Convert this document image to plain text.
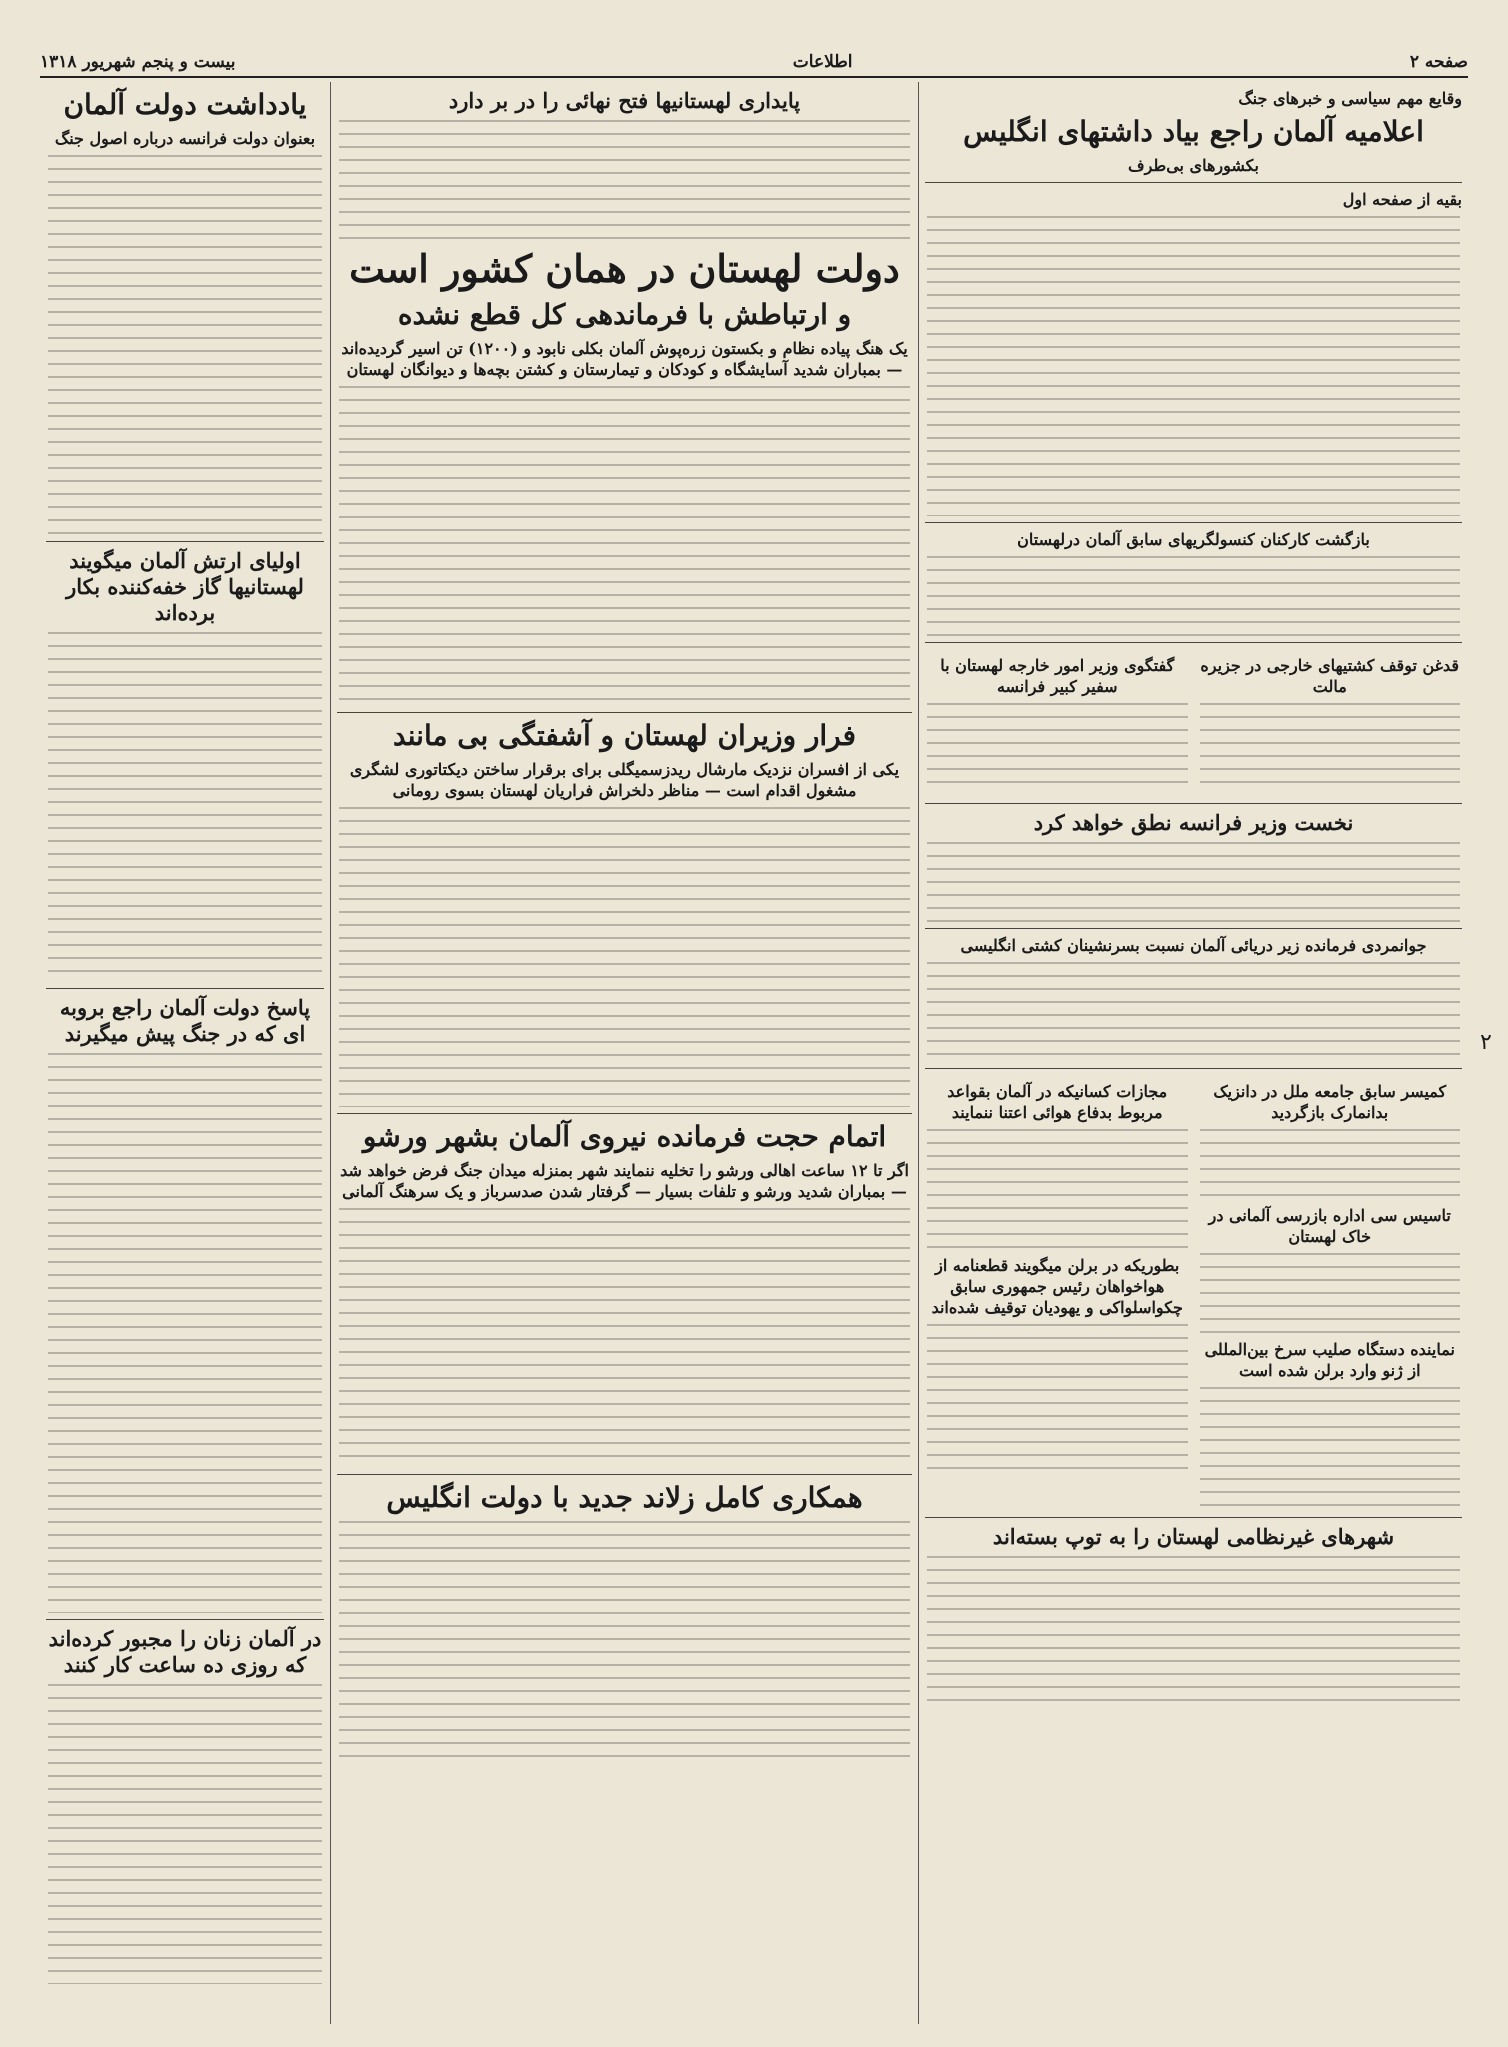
صفحه ۲
اطلاعات
بیست و پنجم شهریور ۱۳۱۸
وقایع مهم سیاسی و خبرهای جنگ
اعلامیه آلمان راجع بیاد داشتهای انگلیس
بکشورهای بی‌طرف
بقیه از صفحه اول
بازگشت کارکنان کنسولگریهای سابق آلمان درلهستان
قدغن توقف کشتیهای خارجی در جزیره مالت
گفتگوی وزیر امور خارجه لهستان با سفیر کبیر فرانسه
نخست وزیر فرانسه نطق خواهد کرد
جوانمردی فرمانده زیر دریائی آلمان نسبت بسرنشینان کشتی انگلیسی
کمیسر سابق جامعه ملل در دانزیک بدانمارک بازگردید
تاسیس سی اداره بازرسی آلمانی در خاک لهستان
نماینده دستگاه صلیب سرخ بین‌المللی از ژنو وارد برلن شده است
مجازات کسانیکه در آلمان بقواعد مربوط بدفاع هوائی اعتنا ننمایند
بطوریکه در برلن میگویند قطعنامه از هواخواهان رئیس جمهوری سابق چکواسلواکی و یهودیان توقیف شده‌اند
شهرهای غیرنظامی لهستان را به توپ بسته‌اند
پایداری لهستانیها فتح نهائی را در بر دارد
دولت لهستان در همان کشور است
و ارتباطش با فرماندهی کل قطع نشده
یک هنگ پیاده نظام و بکستون زره‌پوش آلمان بکلی نابود و (۱۲۰۰) تن اسیر گردیده‌اند — بمباران شدید آسایشگاه و کودکان و تیمارستان و کشتن بچه‌ها و دیوانگان لهستان
فرار وزیران لهستان و آشفتگی بی مانند
یکی از افسران نزدیک مارشال ریدزسمیگلی برای برقرار ساختن دیکتاتوری لشگری مشغول اقدام است — مناظر دلخراش فراریان لهستان بسوی رومانی
اتمام حجت فرمانده نیروی آلمان بشهر ورشو
اگر تا ۱۲ ساعت اهالی ورشو را تخلیه ننمایند شهر بمنزله میدان جنگ فرض خواهد شد — بمباران شدید ورشو و تلفات بسیار — گرفتار شدن صدسرباز و یک سرهنگ آلمانی
همکاری کامل زلاند جدید با دولت انگلیس
یادداشت دولت آلمان
بعنوان دولت فرانسه درباره اصول جنگ
اولیای ارتش آلمان میگویند لهستانیها گاز خفه‌کننده بکار برده‌اند
پاسخ دولت آلمان راجع بروبه ای که در جنگ پیش میگیرند
در آلمان زنان را مجبور کرده‌اند که روزی ده ساعت کار کنند
۲
